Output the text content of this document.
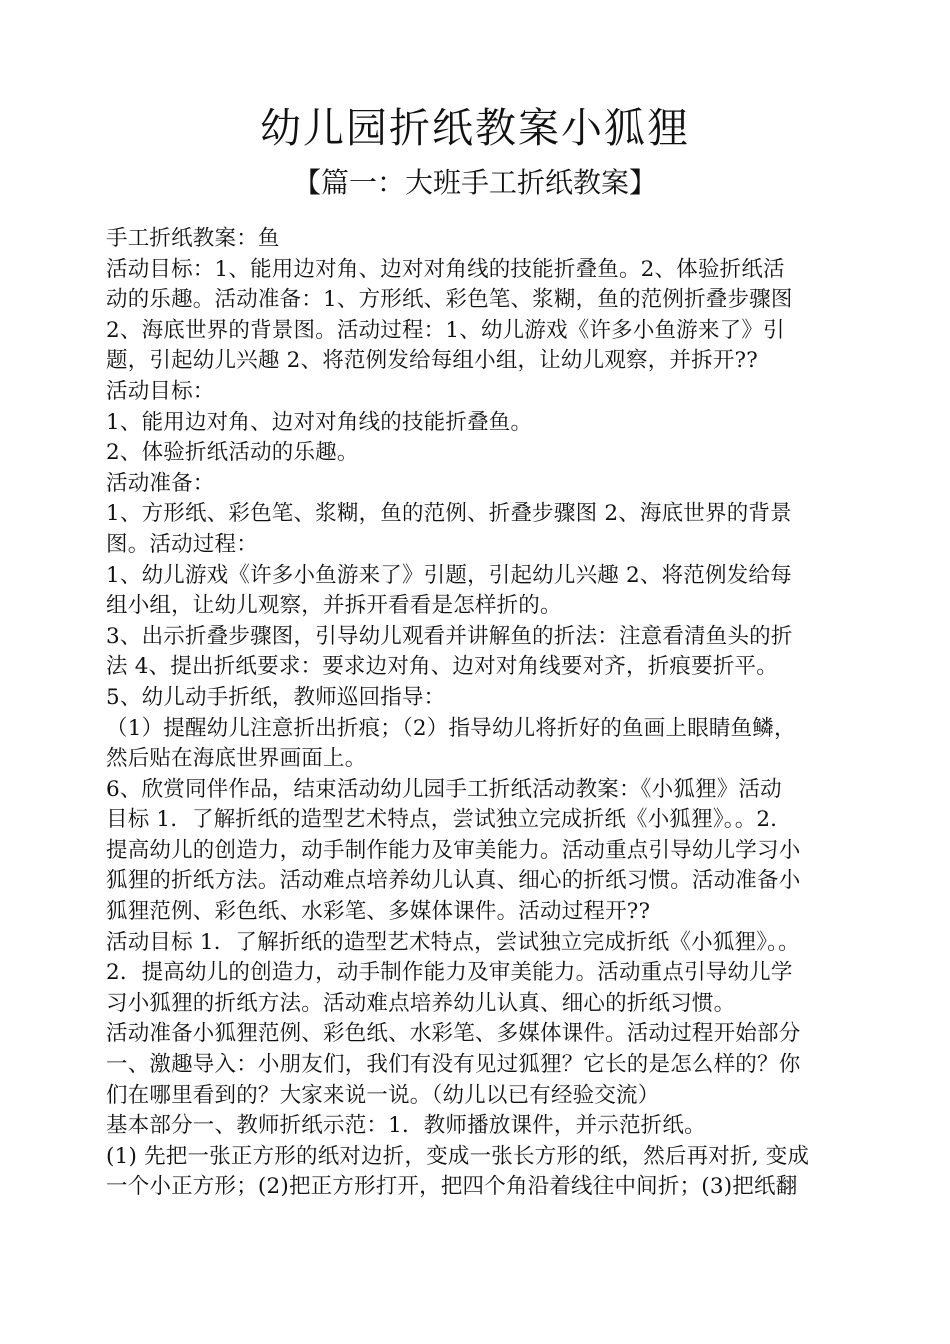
幼儿园折纸教案小狐狸
【篇一：大班手工折纸教案】

手工折纸教案：鱼

活动目标：1、能用边对角、边对对角线的技能折叠鱼。2、体验折纸活

动的乐趣。活动准备：1、方形纸、彩色笔、浆糊，鱼的范例折叠步骤图

2、海底世界的背景图。活动过程：1、幼儿游戏《许多小鱼游来了》引

题，引起幼儿兴趣 2、将范例发给每组小组，让幼儿观察，并拆开??

活动目标：

1、能用边对角、边对对角线的技能折叠鱼。

2、体验折纸活动的乐趣。

活动准备：

1、方形纸、彩色笔、浆糊，鱼的范例、折叠步骤图 2、海底世界的背景

图。活动过程：

1、幼儿游戏《许多小鱼游来了》引题，引起幼儿兴趣 2、将范例发给每

组小组，让幼儿观察，并拆开看看是怎样折的。

3、出示折叠步骤图，引导幼儿观看并讲解鱼的折法：注意看清鱼头的折

法 4、提出折纸要求：要求边对角、边对对角线要对齐，折痕要折平。

5、幼儿动手折纸，教师巡回指导：

（1）提醒幼儿注意折出折痕；（2）指导幼儿将折好的鱼画上眼睛鱼鳞，

然后贴在海底世界画面上。

6、欣赏同伴作品，结束活动幼儿园手工折纸活动教案：《小狐狸》活动

目标 1．了解折纸的造型艺术特点，尝试独立完成折纸《小狐狸》。。2．

提高幼儿的创造力，动手制作能力及审美能力。活动重点引导幼儿学习小

狐狸的折纸方法。活动难点培养幼儿认真、细心的折纸习惯。活动准备小

狐狸范例、彩色纸、水彩笔、多媒体课件。活动过程开??

活动目标 1．了解折纸的造型艺术特点，尝试独立完成折纸《小狐狸》。。

2．提高幼儿的创造力，动手制作能力及审美能力。活动重点引导幼儿学

习小狐狸的折纸方法。活动难点培养幼儿认真、细心的折纸习惯。

活动准备小狐狸范例、彩色纸、水彩笔、多媒体课件。活动过程开始部分

一、激趣导入：小朋友们，我们有没有见过狐狸？它长的是怎么样的？你

们在哪里看到的？大家来说一说。（幼儿以已有经验交流）

基本部分一、教师折纸示范：1．教师播放课件，并示范折纸。

(1) 先把一张正方形的纸对边折，变成一张长方形的纸，然后再对折, 变成

一个小正方形；(2)把正方形打开，把四个角沿着线往中间折；(3)把纸翻
